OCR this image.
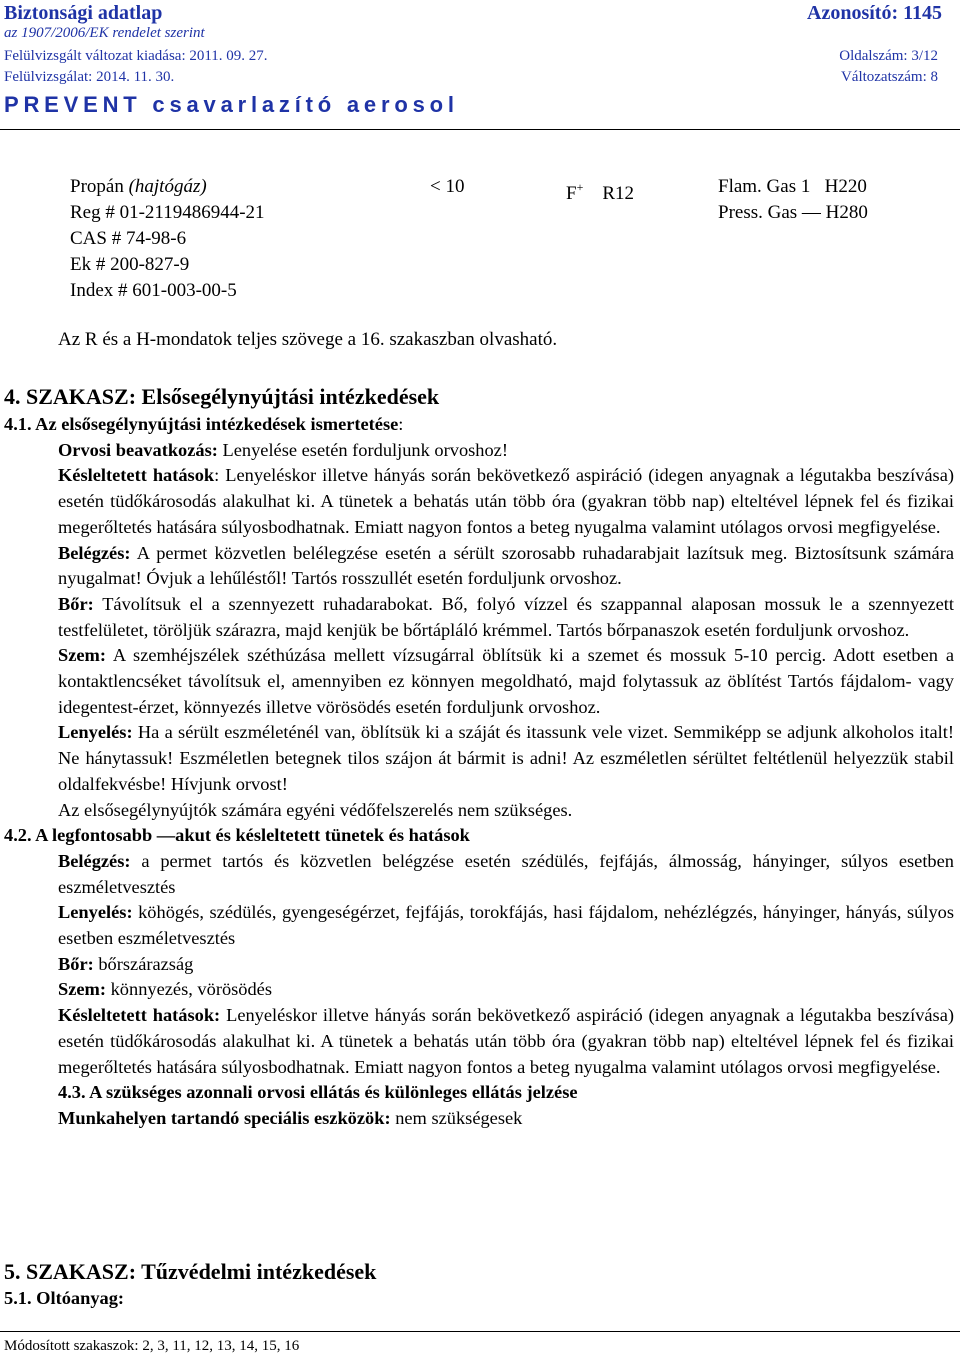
Biztonsági adatlap	Azonosító: 1145
az 1907/2006/EK rendelet szerint
Felülvizsgált változat kiadása: 2011. 09. 27.	Oldalszám: 3/12
Felülvizsgálat: 2014. 11. 30.	Változatszám: 8
PREVENT csavarlazító aerosol
Propán (hajtógáz)
Reg # 01-2119486944-21
CAS # 74-98-6
Ek # 200-827-9
Index # 601-003-00-5
< 10	F+ R12	Flam. Gas 1 H220
Press. Gas — H280

Az R és a H-mondatok teljes szövege a 16. szakaszban olvasható.

4. SZAKASZ: Elsősegélynyújtási intézkedések

4.1. Az elsősegélynyújtási intézkedések ismertetése:

Orvosi beavatkozás: Lenyelése esetén forduljunk orvoshoz!

Késleltetett hatások: Lenyeléskor illetve hányás során bekövetkező aspiráció (idegen anyagnak a légutakba beszívása) esetén tüdőkárosodás alakulhat ki. A tünetek a behatás után több óra (gyakran több nap) elteltével lépnek fel és fizikai megerőltetés hatására súlyosbodhatnak. Emiatt nagyon fontos a beteg nyugalma valamint utólagos orvosi megfigyelése.

Belégzés: A permet közvetlen belélegzése esetén a sérült szorosabb ruhadarabjait lazítsuk meg. Biztosítsunk számára nyugalmat! Óvjuk a lehűléstől! Tartós rosszullét esetén forduljunk orvoshoz.

Bőr: Távolítsuk el a szennyezett ruhadarabokat. Bő, folyó vízzel és szappannal alaposan mossuk le a szennyezett testfelületet, töröljük szárazra, majd kenjük be bőrtápláló krémmel. Tartós bőrpanaszok esetén forduljunk orvoshoz.

Szem: A szemhéjszélek széthúzása mellett vízsugárral öblítsük ki a szemet és mossuk 5-10 percig. Adott esetben a kontaktlencséket távolítsuk el, amennyiben ez könnyen megoldható, majd folytassuk az öblítést Tartós fájdalom- vagy idegentest-érzet, könnyezés illetve vörösödés esetén forduljunk orvoshoz.

Lenyelés: Ha a sérült eszméleténél van, öblítsük ki a száját és itassunk vele vizet. Semmiképp se adjunk alkoholos italt! Ne hánytassuk! Eszméletlen betegnek tilos szájon át bármit is adni! Az eszméletlen sérültet feltétlenül helyezzük stabil oldalfekvésbe! Hívjunk orvost!

Az elsősegélynyújtók számára egyéni védőfelszerelés nem szükséges.

4.2. A legfontosabb —akut és késleltetett tünetek és hatások

Belégzés: a permet tartós és közvetlen belégzése esetén szédülés, fejfájás, álmosság, hányinger, súlyos esetben eszméletvesztés

Lenyelés: köhögés, szédülés, gyengeségérzet, fejfájás, torokfájás, hasi fájdalom, nehézlégzés, hányinger, hányás, súlyos esetben eszméletvesztés

Bőr: bőrszárazság

Szem: könnyezés, vörösödés

Késleltetett hatások: Lenyeléskor illetve hányás során bekövetkező aspiráció (idegen anyagnak a légutakba beszívása) esetén tüdőkárosodás alakulhat ki. A tünetek a behatás után több óra (gyakran több nap) elteltével lépnek fel és fizikai megerőltetés hatására súlyosbodhatnak. Emiatt nagyon fontos a beteg nyugalma valamint utólagos orvosi megfigyelése.

4.3. A szükséges azonnali orvosi ellátás és különleges ellátás jelzése

Munkahelyen tartandó speciális eszközök: nem szükségesek

5. SZAKASZ: Tűzvédelmi intézkedések

5.1. Oltóanyag:

Módosított szakaszok: 2, 3, 11, 12, 13, 14, 15, 16
